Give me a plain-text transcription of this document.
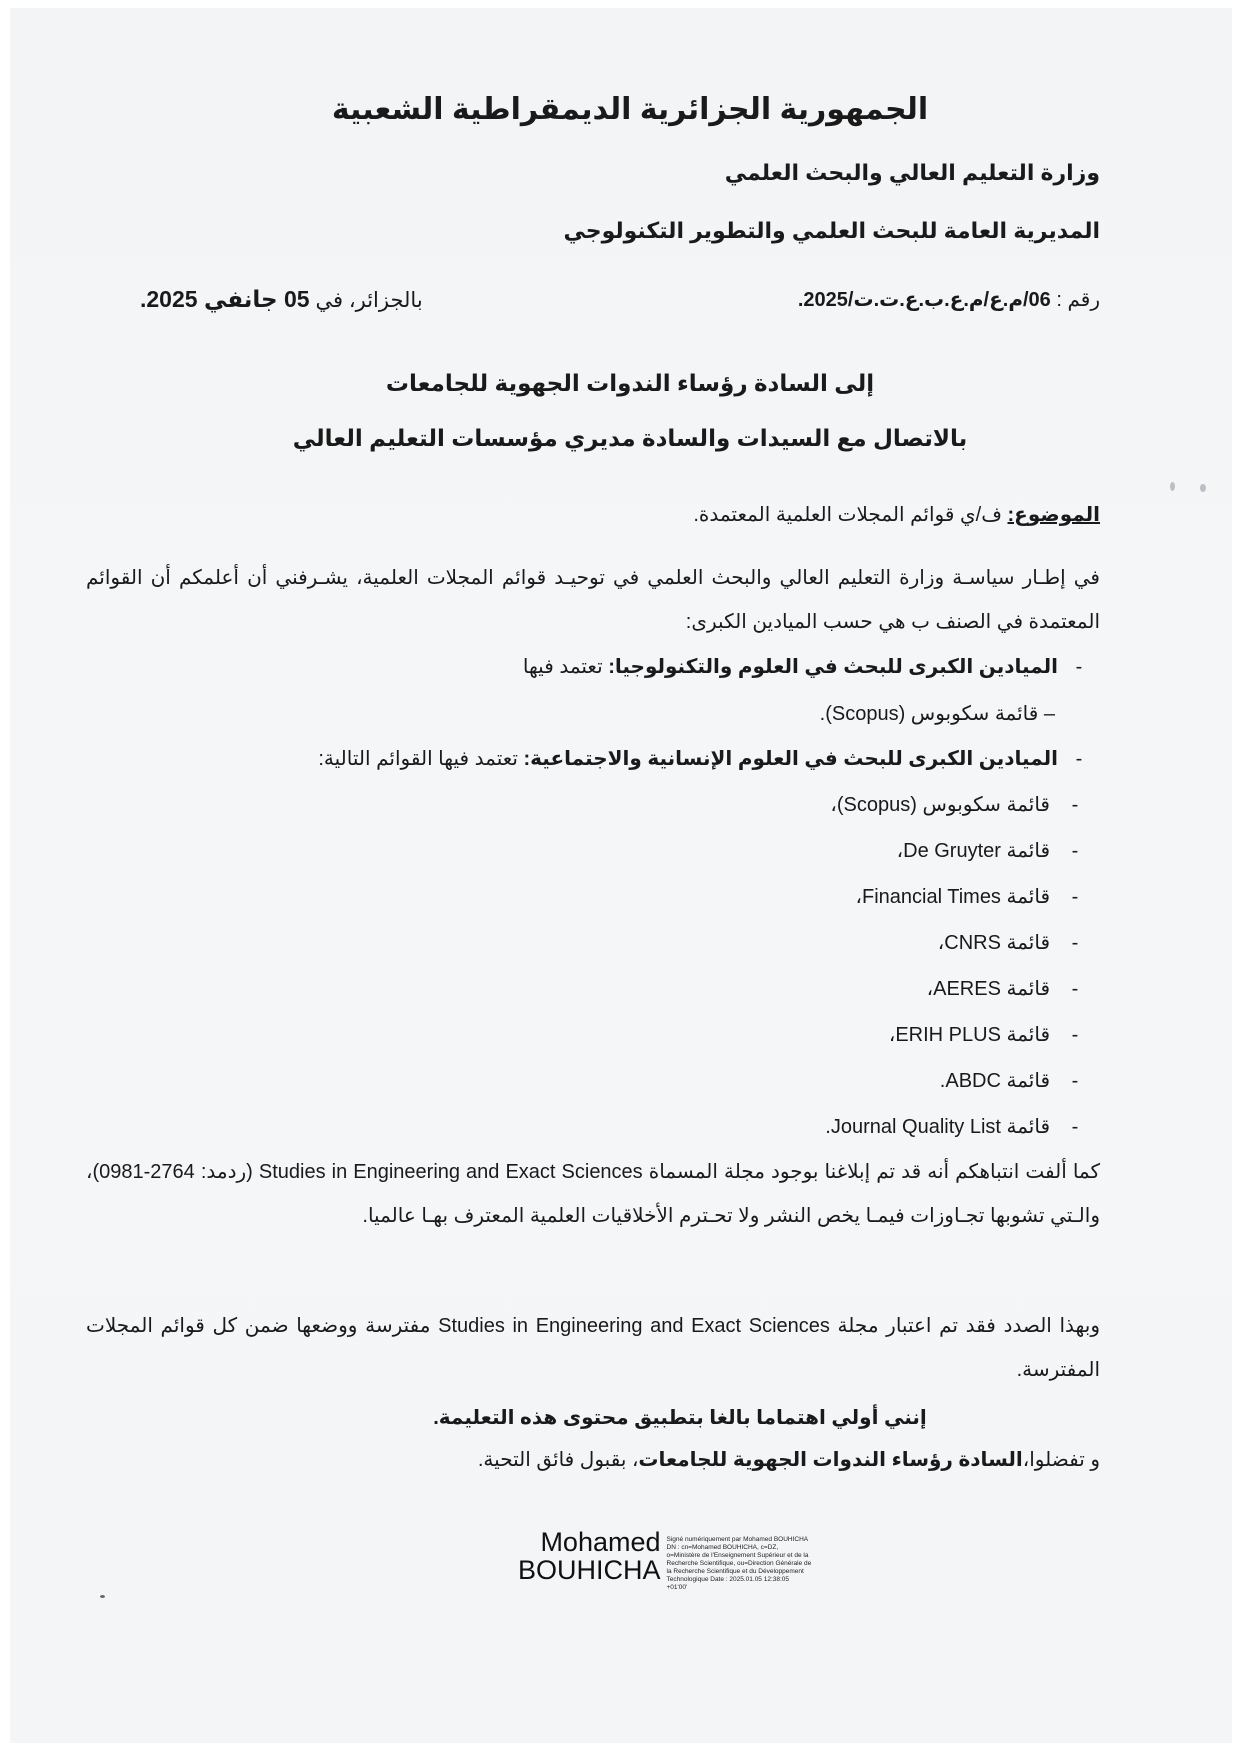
الجمهورية الجزائرية الديمقراطية الشعبية
وزارة التعليم العالي والبحث العلمي
المديرية العامة للبحث العلمي والتطوير التكنولوجي
رقم : 06/م.ع/م.ع.ب.ع.ت.ت/2025.
بالجزائر، في 05 جانفي 2025.
إلى السادة رؤساء الندوات الجهوية للجامعات
بالاتصال مع السيدات والسادة مديري مؤسسات التعليم العالي
الموضوع: ف/ي قوائم المجلات العلمية المعتمدة.
في إطـار سياسـة وزارة التعليم العالي والبحث العلمي في توحيـد قوائم المجلات العلمية، يشـرفني أن أعلمكم أن القوائم المعتمدة في الصنف ب هي حسب الميادين الكبرى:
-الميادين الكبرى للبحث في العلوم والتكنولوجيا: تعتمد فيها
– قائمة سكوبوس (Scopus).
-الميادين الكبرى للبحث في العلوم الإنسانية والاجتماعية: تعتمد فيها القوائم التالية:
-قائمة سكوبوس (Scopus)،
-قائمة De Gruyter،
-قائمة Financial Times،
-قائمة CNRS،
-قائمة AERES،
-قائمة ERIH PLUS،
-قائمة ABDC.
-قائمة Journal Quality List.
كما ألفت انتباهكم أنه قد تم إبلاغنا بوجود مجلة المسماة Studies in Engineering and Exact Sciences (ردمد: 2764-0981)، والـتي تشوبها تجـاوزات فيمـا يخص النشر ولا تحـترم الأخلاقيات العلمية المعترف بهـا عالميا.
وبهذا الصدد فقد تم اعتبار مجلة Studies in Engineering and Exact Sciences مفترسة ووضعها ضمن كل قوائم المجلات المفترسة.
إنني أولي اهتماما بالغا بتطبيق محتوى هذه التعليمة.
و تفضلوا،السادة رؤساء الندوات الجهوية للجامعات، بقبول فائق التحية.
Mohamed
BOUHICHA
Signé numériquement par Mohamed BOUHICHA DN : cn=Mohamed BOUHICHA, c=DZ, o=Ministère de l'Enseignement Supérieur et de la Recherche Scientifique, ou=Direction Générale de la Recherche Scientifique et du Développement Technologique Date : 2025.01.05 12:38:05 +01'00'
